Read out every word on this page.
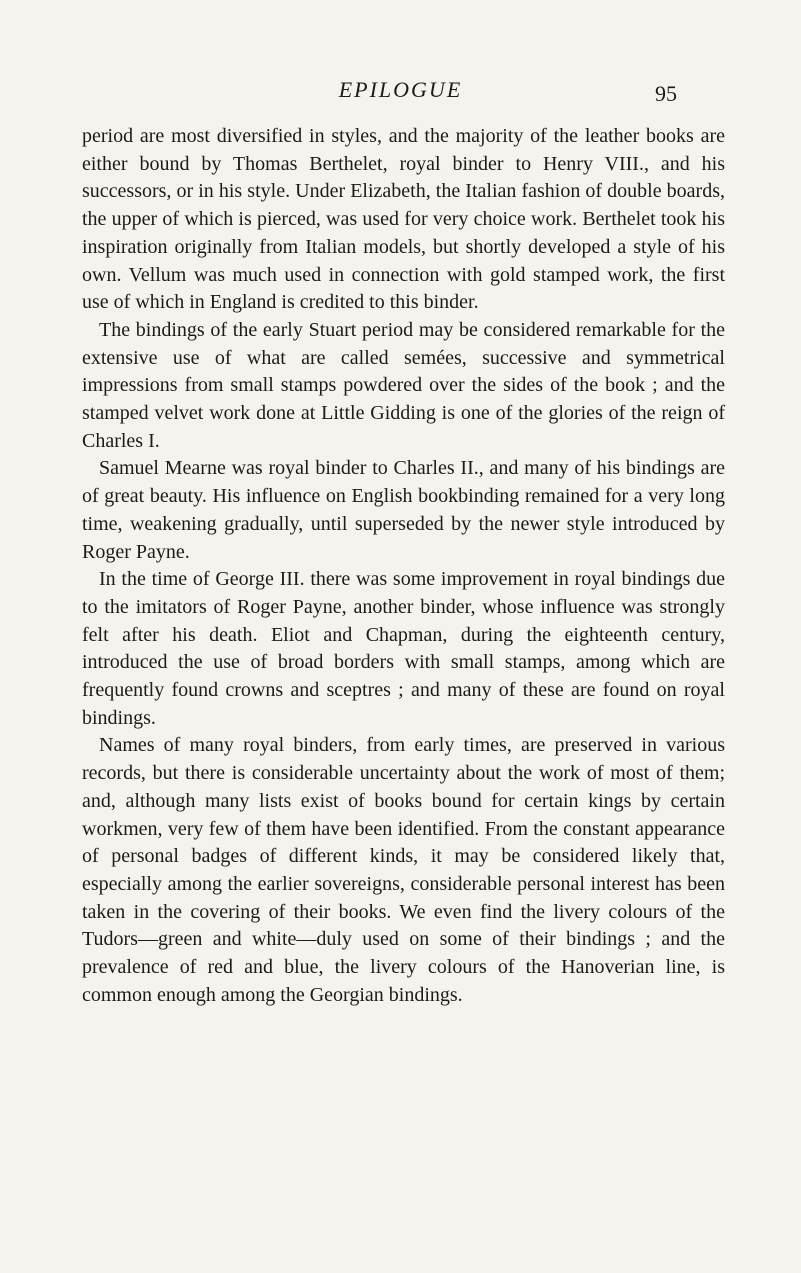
EPILOGUE	95

period are most diversified in styles, and the majority of the leather books are either bound by Thomas Berthelet, royal binder to Henry VIII., and his successors, or in his style. Under Elizabeth, the Italian fashion of double boards, the upper of which is pierced, was used for very choice work. Berthelet took his inspiration originally from Italian models, but shortly developed a style of his own. Vellum was much used in connection with gold stamped work, the first use of which in England is credited to this binder.

The bindings of the early Stuart period may be considered remarkable for the extensive use of what are called semées, successive and symmetrical impressions from small stamps powdered over the sides of the book ; and the stamped velvet work done at Little Gidding is one of the glories of the reign of Charles I.

Samuel Mearne was royal binder to Charles II., and many of his bindings are of great beauty. His influence on English bookbinding remained for a very long time, weakening gradually, until superseded by the newer style introduced by Roger Payne.

In the time of George III. there was some improvement in royal bindings due to the imitators of Roger Payne, another binder, whose influence was strongly felt after his death. Eliot and Chapman, during the eighteenth century, introduced the use of broad borders with small stamps, among which are frequently found crowns and sceptres ; and many of these are found on royal bindings.

Names of many royal binders, from early times, are preserved in various records, but there is considerable uncertainty about the work of most of them; and, although many lists exist of books bound for certain kings by certain workmen, very few of them have been identified. From the constant appearance of personal badges of different kinds, it may be considered likely that, especially among the earlier sovereigns, considerable personal interest has been taken in the covering of their books. We even find the livery colours of the Tudors—green and white—duly used on some of their bindings ; and the prevalence of red and blue, the livery colours of the Hanoverian line, is common enough among the Georgian bindings.
